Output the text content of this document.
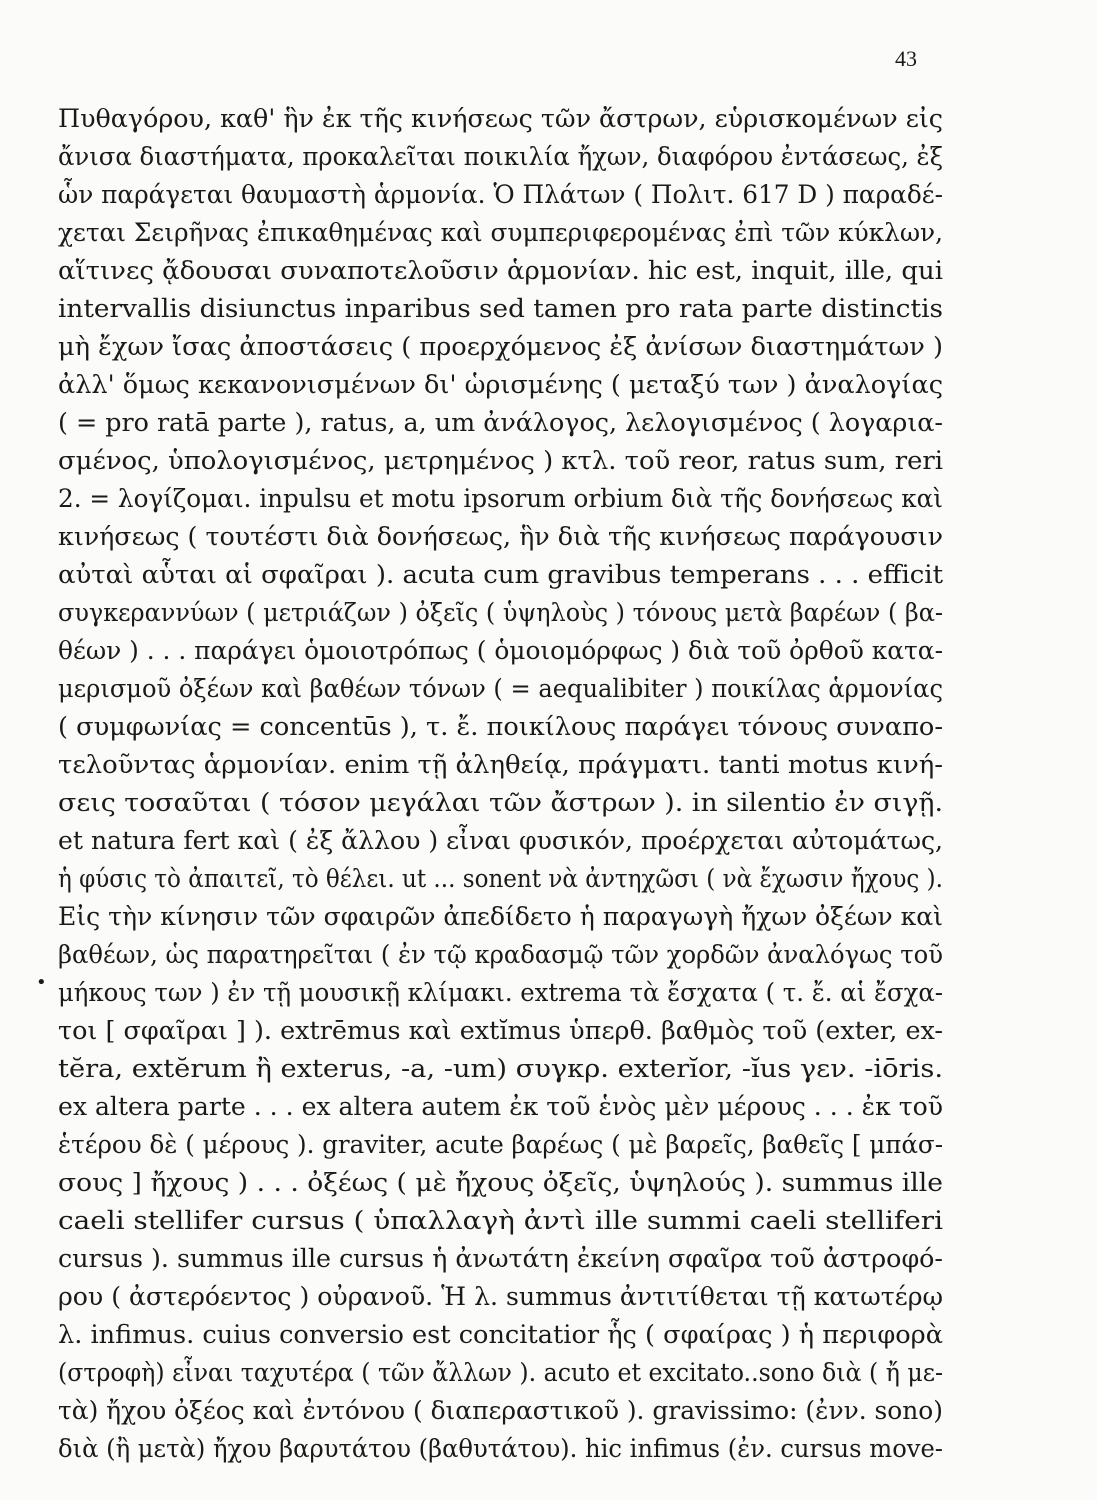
43
•
Πυθαγόρου, καθ' ἣν ἐκ τῆς κινήσεως τῶν ἄστρων, εὑρισκομένων εἰς
ἄνισα διαστήματα, προκαλεῖται ποικιλία ἤχων, διαφόρου ἐντάσεως, ἐξ
ὧν παράγεται θαυμαστὴ ἁρμονία. Ὁ Πλάτων ( Πολιτ. 617 D ) παραδέ-
χεται Σειρῆνας ἐπικαθημένας καὶ συμπεριφερομένας ἐπὶ τῶν κύκλων,
αἵτινες ᾄδουσαι συναποτελοῦσιν ἁρμονίαν. hic est, inquit, ille, qui
intervallis disiunctus inparibus sed tamen pro rata parte distinctis
μὴ ἔχων ἴσας ἀποστάσεις ( προερχόμενος ἐξ ἀνίσων διαστημάτων )
ἀλλ' ὅμως κεκανονισμένων δι' ὡρισμένης ( μεταξύ των ) ἀναλογίας
( = pro ratā parte ), ratus, a, um ἀνάλογος, λελογισμένος ( λογαρια-
σμένος, ὑπολογισμένος, μετρημένος ) κτλ. τοῦ reor, ratus sum, reri
2. = λογίζομαι. inpulsu et motu ipsorum orbium διὰ τῆς δονήσεως καὶ
κινήσεως ( τουτέστι διὰ δονήσεως, ἣν διὰ τῆς κινήσεως παράγουσιν
αὐταὶ αὗται αἱ σφαῖραι ). acuta cum gravibus temperans . . . efficit
συγκεραννύων ( μετριάζων ) ὀξεῖς ( ὑψηλοὺς ) τόνους μετὰ βαρέων ( βα-
θέων ) . . . παράγει ὁμοιοτρόπως ( ὁμοιομόρφως ) διὰ τοῦ ὀρθοῦ κατα-
μερισμοῦ ὀξέων καὶ βαθέων τόνων ( = aequalibiter ) ποικίλας ἁρμονίας
( συμφωνίας = concentūs ), τ. ἔ. ποικίλους παράγει τόνους συναπο-
τελοῦντας ἁρμονίαν. enim τῇ ἀληθείᾳ, πράγματι. tanti motus κινή-
σεις τοσαῦται ( τόσον μεγάλαι τῶν ἄστρων ). in silentio ἐν σιγῇ.
et natura fert καὶ ( ἐξ ἄλλου ) εἶναι φυσικόν, προέρχεται αὐτομάτως,
ἡ φύσις τὸ ἀπαιτεῖ, τὸ θέλει. ut ... sonent νὰ ἀντηχῶσι ( νὰ ἔχωσιν ἤχους ).
Εἰς τὴν κίνησιν τῶν σφαιρῶν ἀπεδίδετο ἡ παραγωγὴ ἤχων ὀξέων καὶ
βαθέων, ὡς παρατηρεῖται ( ἐν τῷ κραδασμῷ τῶν χορδῶν ἀναλόγως τοῦ
μήκους των ) ἐν τῇ μουσικῇ κλίμακι. extrema τὰ ἔσχατα ( τ. ἔ. αἱ ἔσχα-
τοι [ σφαῖραι ] ). extrēmus καὶ extĭmus ὑπερθ. βαθμὸς τοῦ (exter, ex-
tĕra, extĕrum ἢ exterus, -a, -um) συγκρ. exterĭor, -ĭus γεν. -iōris.
ex altera parte . . . ex altera autem ἐκ τοῦ ἑνὸς μὲν μέρους . . . ἐκ τοῦ
ἑτέρου δὲ ( μέρους ). graviter, acute βαρέως ( μὲ βαρεῖς, βαθεῖς [ μπάσ-
σους ] ἤχους ) . . . ὀξέως ( μὲ ἤχους ὀξεῖς, ὑψηλούς ). summus ille
caeli stellifer cursus ( ὑπαλλαγὴ ἀντὶ ille summi caeli stelliferi
cursus ). summus ille cursus ἡ ἀνωτάτη ἐκείνη σφαῖρα τοῦ ἀστροφό-
ρου ( ἀστερόεντος ) οὐρανοῦ. Ἡ λ. summus ἀντιτίθεται τῇ κατωτέρῳ
λ. infimus. cuius conversio est concitatior ἧς ( σφαίρας ) ἡ περιφορὰ
(στροφὴ) εἶναι ταχυτέρα ( τῶν ἄλλων ). acuto et excitato..sono διὰ ( ἤ με-
τὰ) ἤχου ὀξέος καὶ ἐντόνου ( διαπεραστικοῦ ). gravissimo: (ἐνν. sono)
διὰ (ἢ μετὰ) ἤχου βαρυτάτου (βαθυτάτου). hic infimus (ἐν. cursus move-
